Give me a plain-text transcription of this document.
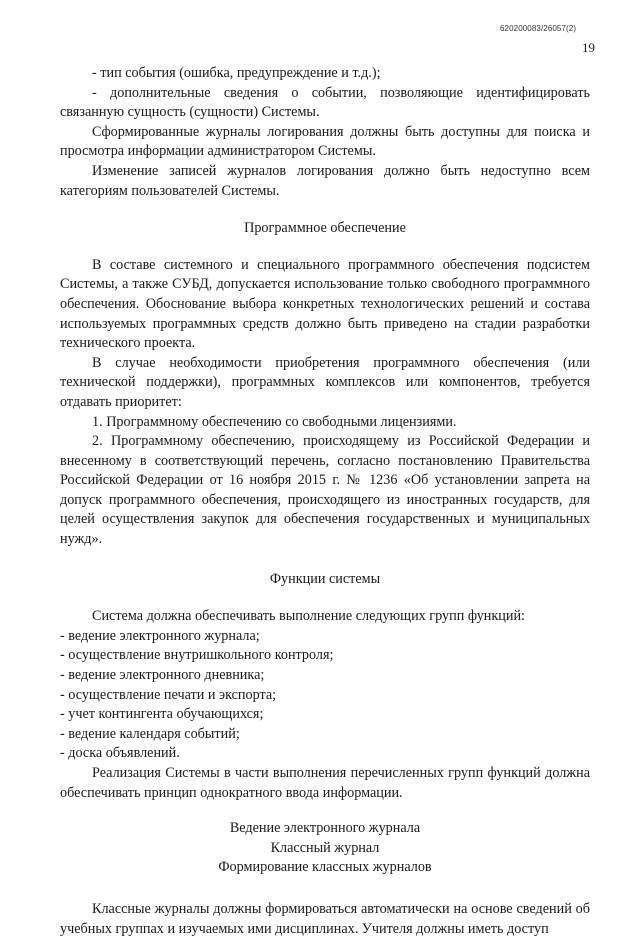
620200083/26057(2)
19

- тип события (ошибка, предупреждение и т.д.);

- дополнительные сведения о событии, позволяющие идентифицировать связанную сущность (сущности) Системы.

Сформированные журналы логирования должны быть доступны для поиска и просмотра информации администратором Системы.

Изменение записей журналов логирования должно быть недоступно всем категориям пользователей Системы.

Программное обеспечение

В составе системного и специального программного обеспечения подсистем Системы, а также СУБД, допускается использование только свободного программного обеспечения. Обоснование выбора конкретных технологических решений и состава используемых программных средств должно быть приведено на стадии разработки технического проекта.

В случае необходимости приобретения программного обеспечения (или технической поддержки), программных комплексов или компонентов, требуется отдавать приоритет:

1. Программному обеспечению со свободными лицензиями.

2. Программному обеспечению, происходящему из Российской Федерации и внесенному в соответствующий перечень, согласно постановлению Правительства Российской Федерации от 16 ноября 2015 г. № 1236 «Об установлении запрета на допуск программного обеспечения, происходящего из иностранных государств, для целей осуществления закупок для обеспечения государственных и муниципальных нужд».

Функции системы

Система должна обеспечивать выполнение следующих групп функций:

- ведение электронного журнала;

- осуществление внутришкольного контроля;

- ведение электронного дневника;

- осуществление печати и экспорта;

- учет контингента обучающихся;

- ведение календаря событий;

- доска объявлений.

Реализация Системы в части выполнения перечисленных групп функций должна обеспечивать принцип однократного ввода информации.

Ведение электронного журнала

Классный журнал

Формирование классных журналов

Классные журналы должны формироваться автоматически на основе сведений об учебных группах и изучаемых ими дисциплинах. Учителя должны иметь доступ
